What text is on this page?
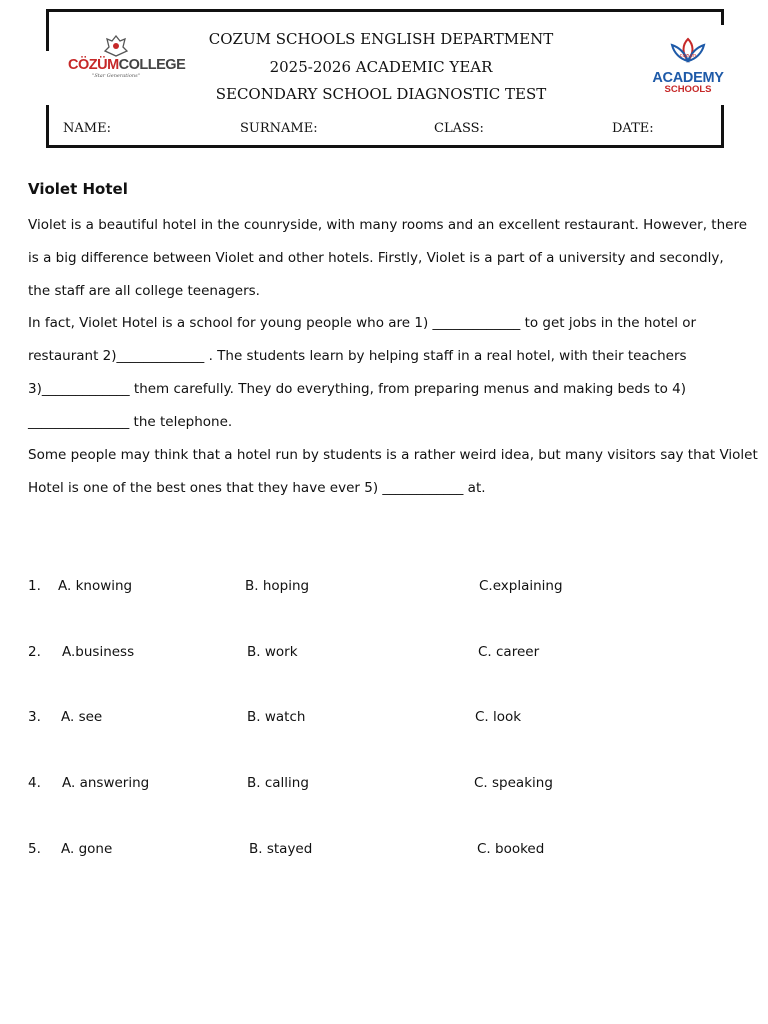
CÖZÜMCOLLEGE
"Star Generations"
COZUM SCHOOLS ENGLISH DEPARTMENT
2025-2026 ACADEMIC YEAR
SECONDARY SCHOOL DIAGNOSTIC TEST
cozum
ACADEMY
SCHOOLS
NAME:	SURNAME:	CLASS:	DATE:
Violet Hotel
Violet is a beautiful hotel in the counryside, with many rooms and an excellent restaurant. However, there
is a big difference between Violet and other hotels. Firstly, Violet is a part of a university and secondly,
the staff are all college teenagers.
In fact, Violet Hotel is a school for young people who are 1) _____________ to get jobs in the hotel or
restaurant 2)_____________ . The students learn by helping staff in a real hotel, with their teachers
3)_____________ them carefully. They do everything, from preparing menus and making beds to 4)
_______________ the telephone.
Some people may think that a hotel run by students is a rather weird idea, but many visitors say that Violet
Hotel is one of the best ones that they have ever 5) ____________ at.
1. A. knowing	B. hoping	C.explaining
2. A.business	B. work	C. career
3. A. see	B. watch	C. look
4. A. answering	B. calling	C. speaking
5. A. gone	B. stayed	C. booked
